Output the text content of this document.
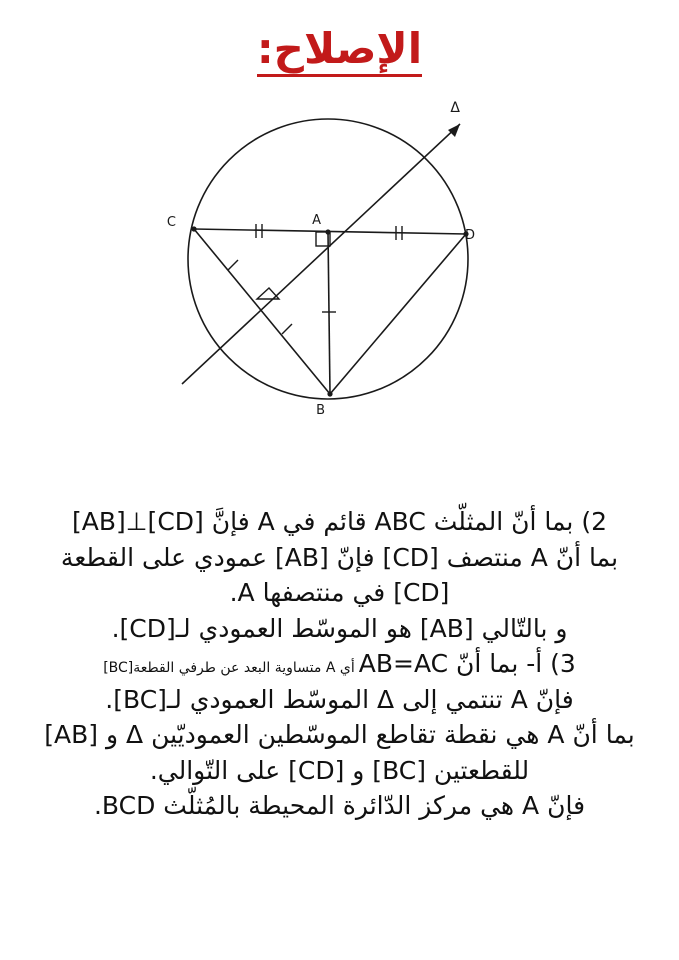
الإصلاح:
Δ
A
B
C
D
2) بما أنّ المثلّث ABC قائم في A فإنَّ [CD]⊥[AB]
بما أنّ A منتصف [CD] فإنّ [AB] عمودي على القطعة
[CD] في منتصفها A.
و بالتّالي [AB] هو الموسّط العمودي لـ[CD].
3) أ- بما أنّ AB=AC
أي A متساوية البعد عن طرفي القطعة[BC]
فإنّ A تنتمي إلى Δ الموسّط العمودي لـ[BC].
بما أنّ A هي نقطة تقاطع الموسّطين العموديّين Δ و [AB]
للقطعتين [BC] و [CD] على التّوالي.
فإنّ A هي مركز الدّائرة المحيطة بالمُثلّث BCD.
